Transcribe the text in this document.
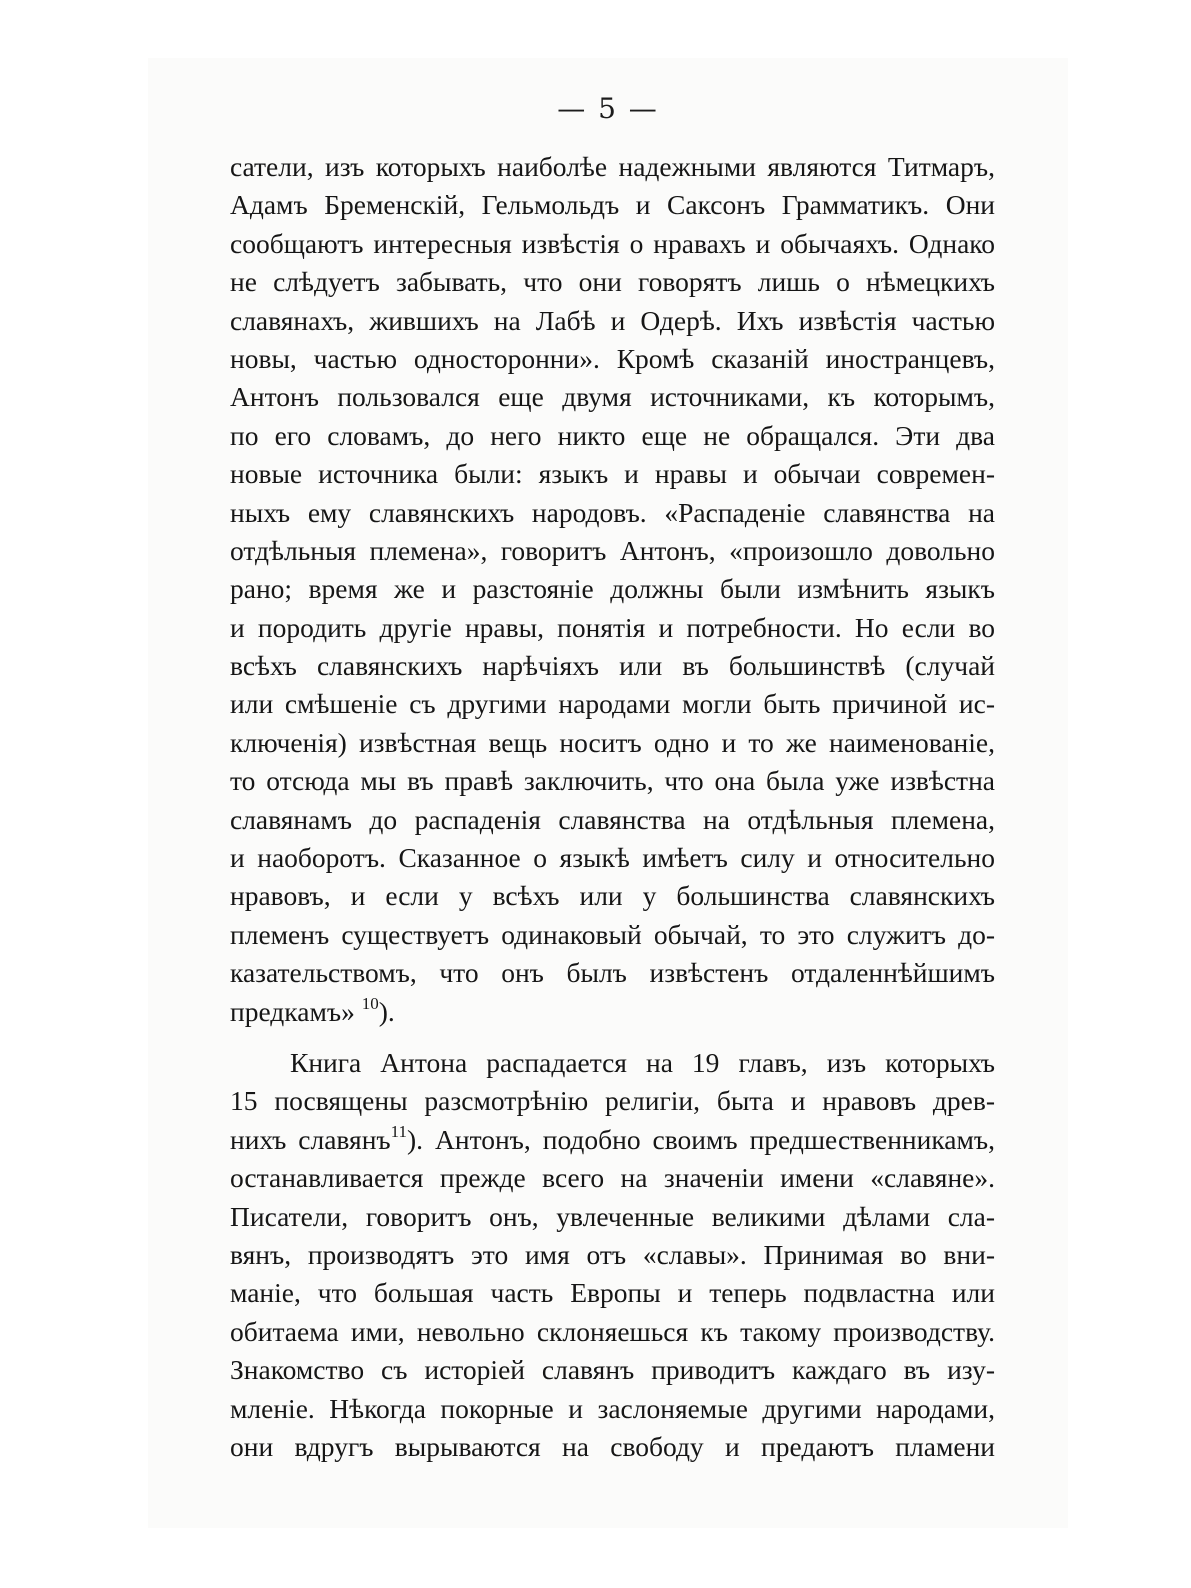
— 5 —
сатели, изъ которыхъ наиболѣе надежными являются Титмаръ,
Адамъ Бременскій, Гельмольдъ и Саксонъ Грамматикъ. Они
сообщаютъ интересныя извѣстія о нравахъ и обычаяхъ. Однако
не слѣдуетъ забывать, что они говорятъ лишь о нѣмецкихъ
славянахъ, жившихъ на Лабѣ и Одерѣ. Ихъ извѣстія частью
новы, частью односторонни». Кромѣ сказаній иностранцевъ,
Антонъ пользовался еще двумя источниками, къ которымъ,
по его словамъ, до него никто еще не обращался. Эти два
новые источника были: языкъ и нравы и обычаи современ-
ныхъ ему славянскихъ народовъ. «Распаденіе славянства на
отдѣльныя племена», говоритъ Антонъ, «произошло довольно
рано; время же и разстояніе должны были измѣнить языкъ
и породить другіе нравы, понятія и потребности. Но если во
всѣхъ славянскихъ нарѣчіяхъ или въ большинствѣ (случай
или смѣшеніе съ другими народами могли быть причиной ис-
ключенія) извѣстная вещь носитъ одно и то же наименованіе,
то отсюда мы въ правѣ заключить, что она была уже извѣстна
славянамъ до распаденія славянства на отдѣльныя племена,
и наоборотъ. Сказанное о языкѣ имѣетъ силу и относительно
нравовъ, и если у всѣхъ или у большинства славянскихъ
племенъ существуетъ одинаковый обычай, то это служитъ до-
казательствомъ, что онъ былъ извѣстенъ отдаленнѣйшимъ
предкамъ» $^{10}$).
Книга Антона распадается на 19 главъ, изъ которыхъ
15 посвящены разсмотрѣнію религіи, быта и нравовъ древ-
нихъ славянъ$^{11}$). Антонъ, подобно своимъ предшественникамъ,
останавливается прежде всего на значеніи имени «славяне».
Писатели, говоритъ онъ, увлеченные великими дѣлами сла-
вянъ, производятъ это имя отъ «славы». Принимая во вни-
маніе, что большая часть Европы и теперь подвластна или
обитаема ими, невольно склоняешься къ такому производству.
Знакомство съ исторіей славянъ приводитъ каждаго въ изу-
мленіе. Нѣкогда покорные и заслоняемые другими народами,
они вдругъ вырываются на свободу и предаютъ пламени
